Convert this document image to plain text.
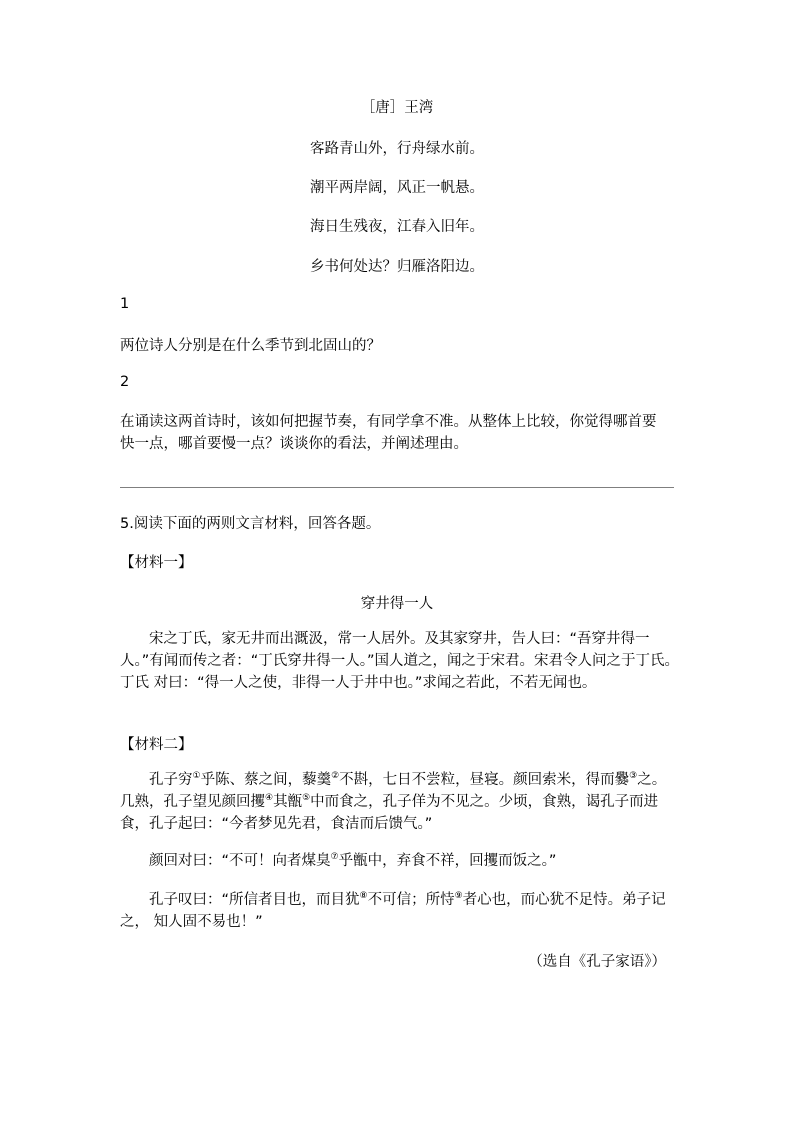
［唐］王湾
客路青山外，行舟绿水前。
潮平两岸阔，风正一帆悬。
海日生残夜，江春入旧年。
乡书何处达？归雁洛阳边。
1
两位诗人分别是在什么季节到北固山的？
2
在诵读这两首诗时，该如何把握节奏，有同学拿不准。从整体上比较，你觉得哪首要快一点，哪首要慢一点？谈谈你的看法，并阐述理由。
5.阅读下面的两则文言材料，回答各题。
【材料一】
穿井得一人
宋之丁氏，家无井而出溉汲，常一人居外。及其家穿井，告人曰：“吾穿井得一人。”有闻而传之者：“丁氏穿井得一人。”国人道之，闻之于宋君。宋君令人问之于丁氏。丁氏 对曰：“得一人之使，非得一人于井中也。”求闻之若此，不若无闻也。
【材料二】
孔子穷①乎陈、蔡之间，藜羹②不斟，七日不尝粒，昼寝。颜回索米，得而爨③之。几熟，孔子望见颜回攫④其甑⑤中而食之，孔子佯为不见之。少顷，食熟，谒孔子而进食，孔子起曰：“今者梦见先君，食洁而后馈气。”
颜回对曰：“不可！向者煤臭⑦乎甑中，弃食不祥，回攫而饭之。”
孔子叹曰：“所信者目也，而目犹⑧不可信；所恃⑨者心也，而心犹不足恃。弟子记之， 知人固不易也！”
（选自《孔子家语》）
